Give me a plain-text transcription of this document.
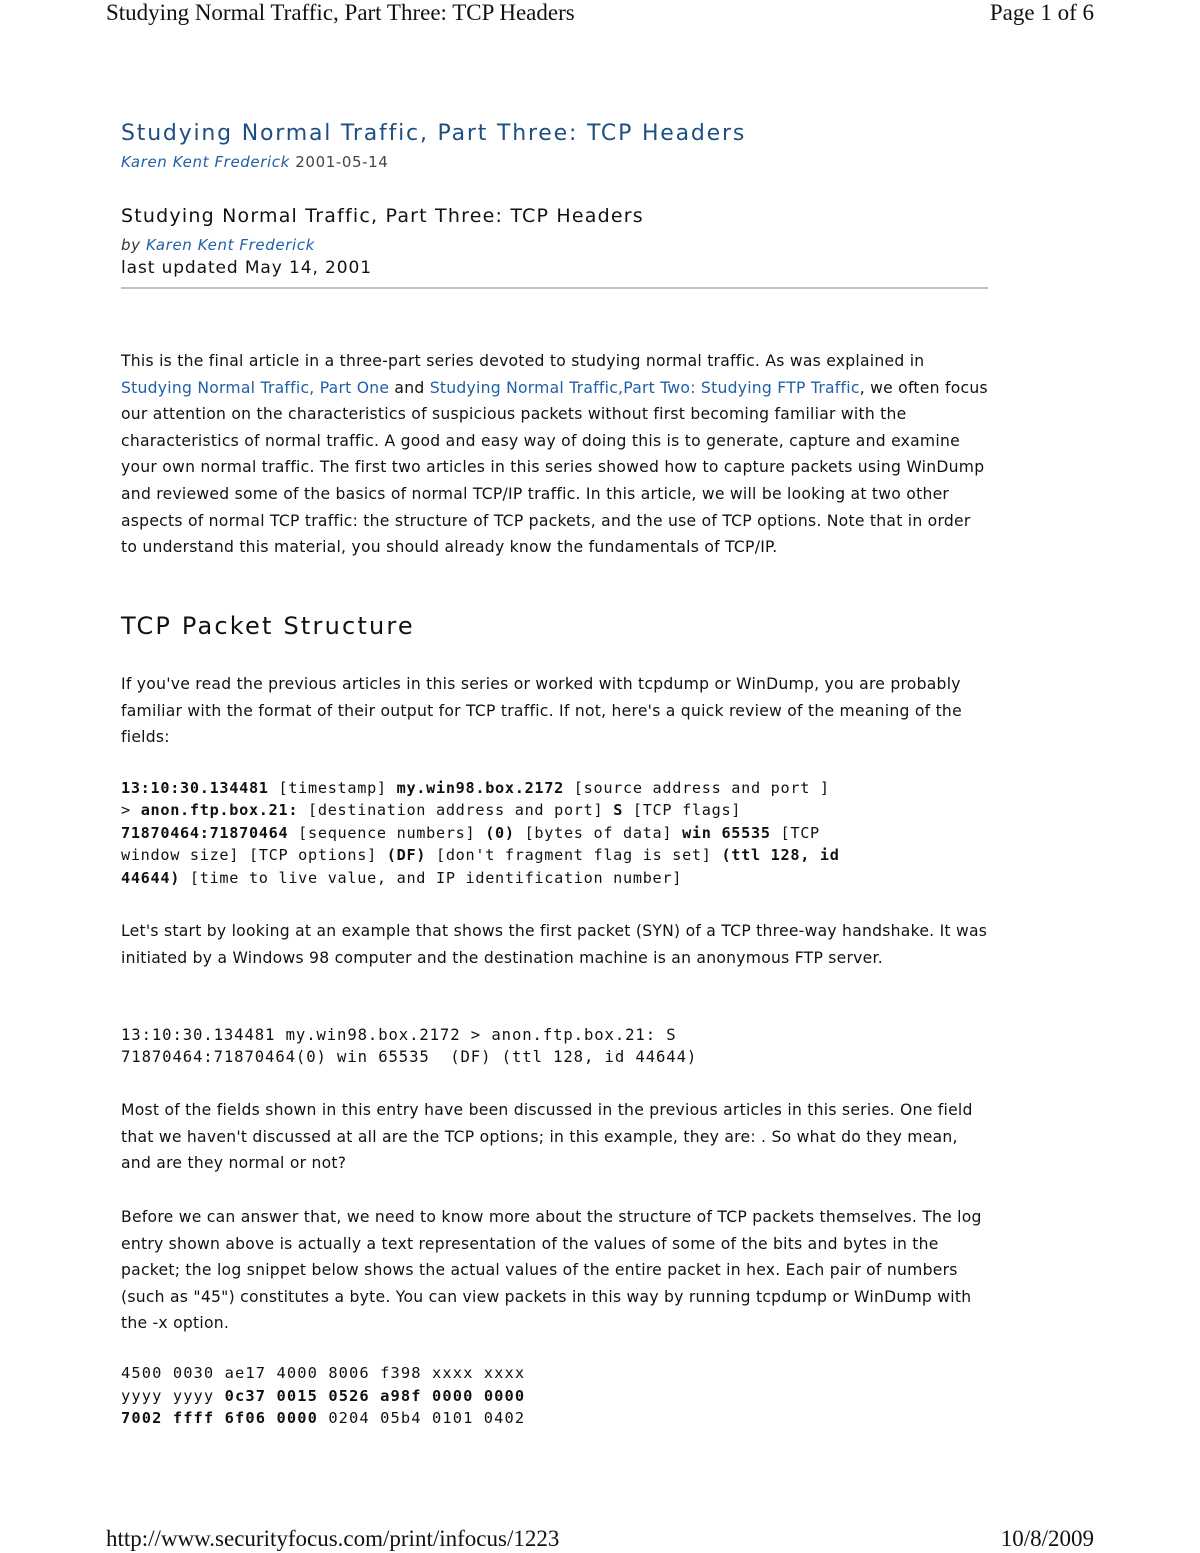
Studying Normal Traffic, Part Three: TCP Headers	Page 1 of 6
Studying Normal Traffic, Part Three: TCP Headers
Karen Kent Frederick 2001-05-14
Studying Normal Traffic, Part Three: TCP Headers
by Karen Kent Frederick
last updated May 14, 2001

This is the final article in a three-part series devoted to studying normal traffic. As was explained in Studying Normal Traffic, Part One and Studying Normal Traffic,Part Two: Studying FTP Traffic, we often focus our attention on the characteristics of suspicious packets without first becoming familiar with the characteristics of normal traffic. A good and easy way of doing this is to generate, capture and examine your own normal traffic. The first two articles in this series showed how to capture packets using WinDump and reviewed some of the basics of normal TCP/IP traffic. In this article, we will be looking at two other aspects of normal TCP traffic: the structure of TCP packets, and the use of TCP options. Note that in order to understand this material, you should already know the fundamentals of TCP/IP.

TCP Packet Structure

If you've read the previous articles in this series or worked with tcpdump or WinDump, you are probably familiar with the format of their output for TCP traffic. If not, here's a quick review of the meaning of the fields:

13:10:30.134481 [timestamp] my.win98.box.2172 [source address and port ]
> anon.ftp.box.21: [destination address and port] S [TCP flags]
71870464:71870464 [sequence numbers] (0) [bytes of data] win 65535 [TCP
window size] [TCP options] (DF) [don't fragment flag is set] (ttl 128, id
44644) [time to live value, and IP identification number]

Let's start by looking at an example that shows the first packet (SYN) of a TCP three-way handshake. It was initiated by a Windows 98 computer and the destination machine is an anonymous FTP server.

13:10:30.134481 my.win98.box.2172 > anon.ftp.box.21: S
71870464:71870464(0) win 65535  (DF) (ttl 128, id 44644)

Most of the fields shown in this entry have been discussed in the previous articles in this series. One field that we haven't discussed at all are the TCP options; in this example, they are: . So what do they mean, and are they normal or not?

Before we can answer that, we need to know more about the structure of TCP packets themselves. The log entry shown above is actually a text representation of the values of some of the bits and bytes in the packet; the log snippet below shows the actual values of the entire packet in hex. Each pair of numbers (such as "45") constitutes a byte. You can view packets in this way by running tcpdump or WinDump with the -x option.

4500 0030 ae17 4000 8006 f398 xxxx xxxx
yyyy yyyy 0c37 0015 0526 a98f 0000 0000
7002 ffff 6f06 0000 0204 05b4 0101 0402
http://www.securityfocus.com/print/infocus/1223	10/8/2009
